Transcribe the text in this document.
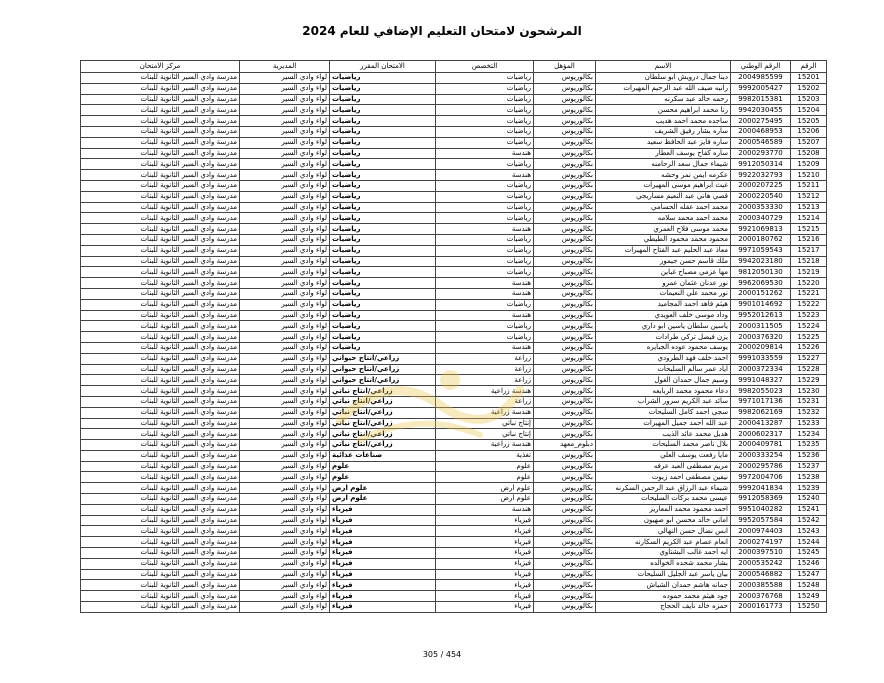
المرشحون لامتحان التعليم الإضافي للعام 2024
الرقم	الرقم الوطني	الاسم	المؤهل	التخصص	الامتحان المقرر	المديرية	مركز الامتحان
15201	2004985599	دينا جمال درويش ابو سلطان	بكالوريوس	رياضيات	رياضيات	لواء وادي السير	مدرسة وادي السير الثانوية للبنات
15202	9992005427	رانيه ضيف الله عبد الرحيم المهيرات	بكالوريوس	رياضيات	رياضيات	لواء وادي السير	مدرسة وادي السير الثانوية للبنات
15203	9982015381	رحمه خالد عبد سكرنه	بكالوريوس	رياضيات	رياضيات	لواء وادي السير	مدرسة وادي السير الثانوية للبنات
15204	9942030455	رنا محمد ابراهيم محسن	بكالوريوس	رياضيات	رياضيات	لواء وادي السير	مدرسة وادي السير الثانوية للبنات
15205	2000275495	ساجده محمد احمد هديب	بكالوريوس	رياضيات	رياضيات	لواء وادي السير	مدرسة وادي السير الثانوية للبنات
15206	2000468953	ساره بشار رفيق الشريف	بكالوريوس	رياضيات	رياضيات	لواء وادي السير	مدرسة وادي السير الثانوية للبنات
15207	2000546589	ساره فايز عبد الحافظ سعيد	بكالوريوس	رياضيات	رياضيات	لواء وادي السير	مدرسة وادي السير الثانوية للبنات
15208	2000293770	ساره كفاح يوسف العطار	بكالوريوس	هندسة	رياضيات	لواء وادي السير	مدرسة وادي السير الثانوية للبنات
15209	9912050314	شيماء جمال سعد الرحامنه	بكالوريوس	رياضيات	رياضيات	لواء وادي السير	مدرسة وادي السير الثانوية للبنات
15210	9922032793	عكرمه ايمن نمر وحشه	بكالوريوس	هندسة	رياضيات	لواء وادي السير	مدرسة وادي السير الثانوية للبنات
15211	2000207225	غيث ابراهيم موسى المهيرات	بكالوريوس	رياضيات	رياضيات	لواء وادي السير	مدرسة وادي السير الثانوية للبنات
15212	2000220540	قصي هاني عبد النعيم مساريجي	بكالوريوس	رياضيات	رياضيات	لواء وادي السير	مدرسة وادي السير الثانوية للبنات
15213	2000353330	محمد احمد عقله الحسامي	بكالوريوس	رياضيات	رياضيات	لواء وادي السير	مدرسة وادي السير الثانوية للبنات
15214	2000340729	محمد احمد محمد سلامه	بكالوريوس	رياضيات	رياضيات	لواء وادي السير	مدرسة وادي السير الثانوية للبنات
15215	9921069813	محمد موسى فلاح العمري	بكالوريوس	هندسة	رياضيات	لواء وادي السير	مدرسة وادي السير الثانوية للبنات
15216	2000180762	محمود محمد محمود الطيطي	بكالوريوس	رياضيات	رياضيات	لواء وادي السير	مدرسة وادي السير الثانوية للبنات
15217	9971059543	معاذ عبد الحليم عبد الفتاح المهيرات	بكالوريوس	رياضيات	رياضيات	لواء وادي السير	مدرسة وادي السير الثانوية للبنات
15218	9942023180	ملك قاسم حسن جيمور	بكالوريوس	رياضيات	رياضيات	لواء وادي السير	مدرسة وادي السير الثانوية للبنات
15219	9812050130	مها عزمي مصباح غباين	بكالوريوس	رياضيات	رياضيات	لواء وادي السير	مدرسة وادي السير الثانوية للبنات
15220	9962069530	نور عدنان عثمان عمرو	بكالوريوس	هندسة	رياضيات	لواء وادي السير	مدرسة وادي السير الثانوية للبنات
15221	2000151262	نور محمد علي النعيمات	بكالوريوس	هندسة	رياضيات	لواء وادي السير	مدرسة وادي السير الثانوية للبنات
15222	9901014692	هيثم فاهد احمد المجاميد	بكالوريوس	رياضيات	رياضيات	لواء وادي السير	مدرسة وادي السير الثانوية للبنات
15223	9952012613	وداد موسى خلف العويدي	بكالوريوس	هندسة	رياضيات	لواء وادي السير	مدرسة وادي السير الثانوية للبنات
15224	2000311505	ياسين سلطان ياسين ابو داري	بكالوريوس	رياضيات	رياضيات	لواء وادي السير	مدرسة وادي السير الثانوية للبنات
15225	2000376320	يزن فيصل تركي طرادات	بكالوريوس	رياضيات	رياضيات	لواء وادي السير	مدرسة وادي السير الثانوية للبنات
15226	2000209814	يوسف محمود عوده الجبايره	بكالوريوس	هندسة	رياضيات	لواء وادي السير	مدرسة وادي السير الثانوية للبنات
15227	9991033559	احمد خلف فهد الطرودي	بكالوريوس	زراعة	زراعي/انتاج حيواني	لواء وادي السير	مدرسة وادي السير الثانوية للبنات
15228	2000372334	اياد عمر سالم السليحات	بكالوريوس	زراعة	زراعي/انتاج حيواني	لواء وادي السير	مدرسة وادي السير الثانوية للبنات
15229	9991048327	وسيم جمال حمدان الغول	بكالوريوس	زراعة	زراعي/انتاج حيواني	لواء وادي السير	مدرسة وادي السير الثانوية للبنات
15230	9982055023	دعاء محمود محمد الربابعه	بكالوريوس	هندسة زراعية	زراعي/انتاج نباتي	لواء وادي السير	مدرسة وادي السير الثانوية للبنات
15231	9971017136	سائد عبد الكريم سرور الشراب	بكالوريوس	زراعة	زراعي/انتاج نباتي	لواء وادي السير	مدرسة وادي السير الثانوية للبنات
15232	9982062169	سجى احمد كامل السليحات	بكالوريوس	هندسة زراعية	زراعي/انتاج نباتي	لواء وادي السير	مدرسة وادي السير الثانوية للبنات
15233	2000413287	عبد الله احمد جميل المهيرات	بكالوريوس	إنتاج نباتي	زراعي/انتاج نباتي	لواء وادي السير	مدرسة وادي السير الثانوية للبنات
15234	2000602317	هديل محمد عائد الذيب	بكالوريوس	إنتاج نباتي	زراعي/انتاج نباتي	لواء وادي السير	مدرسة وادي السير الثانوية للبنات
15235	2000409781	بلال ناصر محمد السليحات	دبلوم_معهد	هندسة زراعية	زراعي/انتاج نباتي	لواء وادي السير	مدرسة وادي السير الثانوية للبنات
15236	2000333254	مايا رفعت يوسف العلي	بكالوريوس	تغذية	صناعات غذائية	لواء وادي السير	مدرسة وادي السير الثانوية للبنات
15237	2000295786	مريم مصطفى العبد عرفه	بكالوريوس	علوم	علوم	لواء وادي السير	مدرسة وادي السير الثانوية للبنات
15238	9972004706	نيفين مصطفى احمد زيوت	بكالوريوس	علوم	علوم	لواء وادي السير	مدرسة وادي السير الثانوية للبنات
15239	9992041834	شيماء عبد الرزاق عبد الرحمن السكرنه	بكالوريوس	علوم ارض	علوم ارض	لواء وادي السير	مدرسة وادي السير الثانوية للبنات
15240	9912058369	عيسى محمد بركات السليحات	بكالوريوس	علوم ارض	علوم ارض	لواء وادي السير	مدرسة وادي السير الثانوية للبنات
15241	9951040282	احمد محمود محمد المعاريز	بكالوريوس	هندسة	فيزياء	لواء وادي السير	مدرسة وادي السير الثانوية للبنات
15242	9952057584	اماني خالد محسن ابو صهيون	بكالوريوس	فيزياء	فيزياء	لواء وادي السير	مدرسة وادي السير الثانوية للبنات
15243	2000974403	انس نضال حسن النهالي	بكالوريوس	فيزياء	فيزياء	لواء وادي السير	مدرسة وادي السير الثانوية للبنات
15244	2000274197	انعام عصام عبد الكريم السكارنه	بكالوريوس	فيزياء	فيزياء	لواء وادي السير	مدرسة وادي السير الثانوية للبنات
15245	2000397510	ايه احمد غالب البشتاوي	بكالوريوس	فيزياء	فيزياء	لواء وادي السير	مدرسة وادي السير الثانوية للبنات
15246	2000535242	بشار محمد شحده الخوالده	بكالوريوس	فيزياء	فيزياء	لواء وادي السير	مدرسة وادي السير الثانوية للبنات
15247	2000546882	بيان ياسر عبد الجليل السليحات	بكالوريوس	فيزياء	فيزياء	لواء وادي السير	مدرسة وادي السير الثانوية للبنات
15248	2000385588	جمانه هاشم حمدان الشياش	بكالوريوس	فيزياء	فيزياء	لواء وادي السير	مدرسة وادي السير الثانوية للبنات
15249	2000376768	جود هيثم محمد حموده	بكالوريوس	فيزياء	فيزياء	لواء وادي السير	مدرسة وادي السير الثانوية للبنات
15250	2000161773	حمزه خالد نايف الحجاج	بكالوريوس	فيزياء	فيزياء	لواء وادي السير	مدرسة وادي السير الثانوية للبنات
305 / 454
